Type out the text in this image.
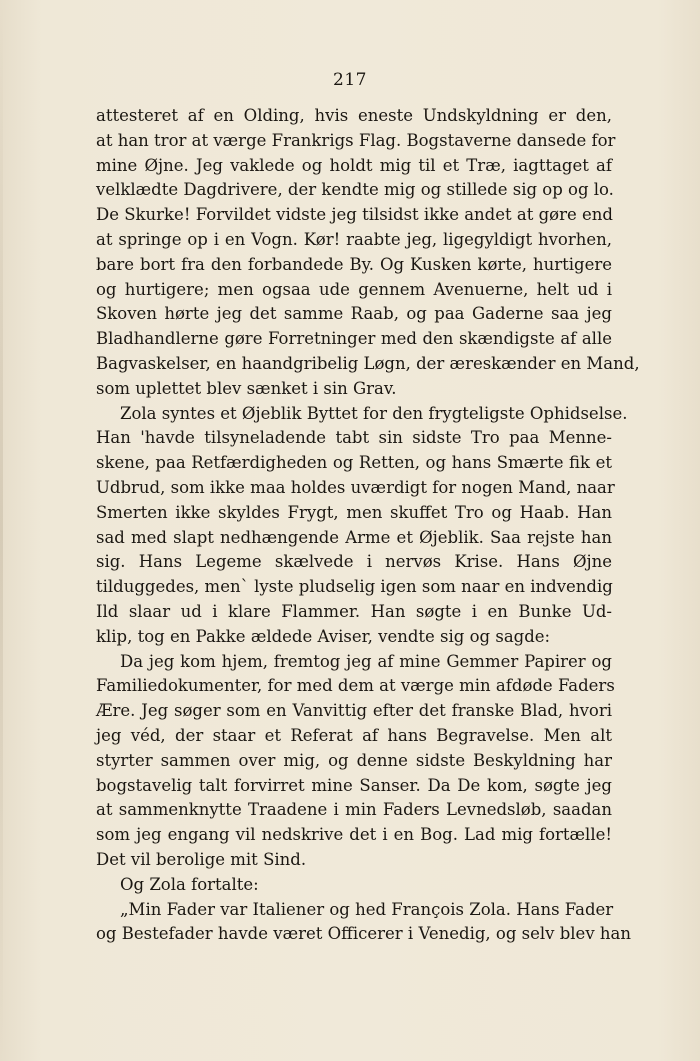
217
attesteret af en Olding, hvis eneste Undskyldning er den,
at han tror at værge Frankrigs Flag. Bogstaverne dansede for
mine Øjne. Jeg vaklede og holdt mig til et Træ, iagttaget af
velklædte Dagdrivere, der kendte mig og stillede sig op og lo.
De Skurke! Forvildet vidste jeg tilsidst ikke andet at gøre end
at springe op i en Vogn. Kør! raabte jeg, ligegyldigt hvorhen,
bare bort fra den forbandede By. Og Kusken kørte, hurtigere
og hurtigere; men ogsaa ude gennem Avenuerne, helt ud i
Skoven hørte jeg det samme Raab, og paa Gaderne saa jeg
Bladhandlerne gøre Forretninger med den skændigste af alle
Bagvaskelser, en haandgribelig Løgn, der æreskænder en Mand,
som uplettet blev sænket i sin Grav.
Zola syntes et Øjeblik Byttet for den frygteligste Ophidselse.
Han 'havde tilsyneladende tabt sin sidste Tro paa Menne-
skene, paa Retfærdigheden og Retten, og hans Smærte fik et
Udbrud, som ikke maa holdes uværdigt for nogen Mand, naar
Smerten ikke skyldes Frygt, men skuffet Tro og Haab. Han
sad med slapt nedhængende Arme et Øjeblik. Saa rejste han
sig. Hans Legeme skælvede i nervøs Krise. Hans Øjne
tilduggedes, men` lyste pludselig igen som naar en indvendig
Ild slaar ud i klare Flammer. Han søgte i en Bunke Ud-
klip, tog en Pakke ældede Aviser, vendte sig og sagde:
Da jeg kom hjem, fremtog jeg af mine Gemmer Papirer og
Familiedokumenter, for med dem at værge min afdøde Faders
Ære. Jeg søger som en Vanvittig efter det franske Blad, hvori
jeg véd, der staar et Referat af hans Begravelse. Men alt
styrter sammen over mig, og denne sidste Beskyldning har
bogstavelig talt forvirret mine Sanser. Da De kom, søgte jeg
at sammenknytte Traadene i min Faders Levnedsløb, saadan
som jeg engang vil nedskrive det i en Bog. Lad mig fortælle!
Det vil berolige mit Sind.
Og Zola fortalte:
„Min Fader var Italiener og hed François Zola. Hans Fader
og Bestefader havde været Officerer i Venedig, og selv blev han
